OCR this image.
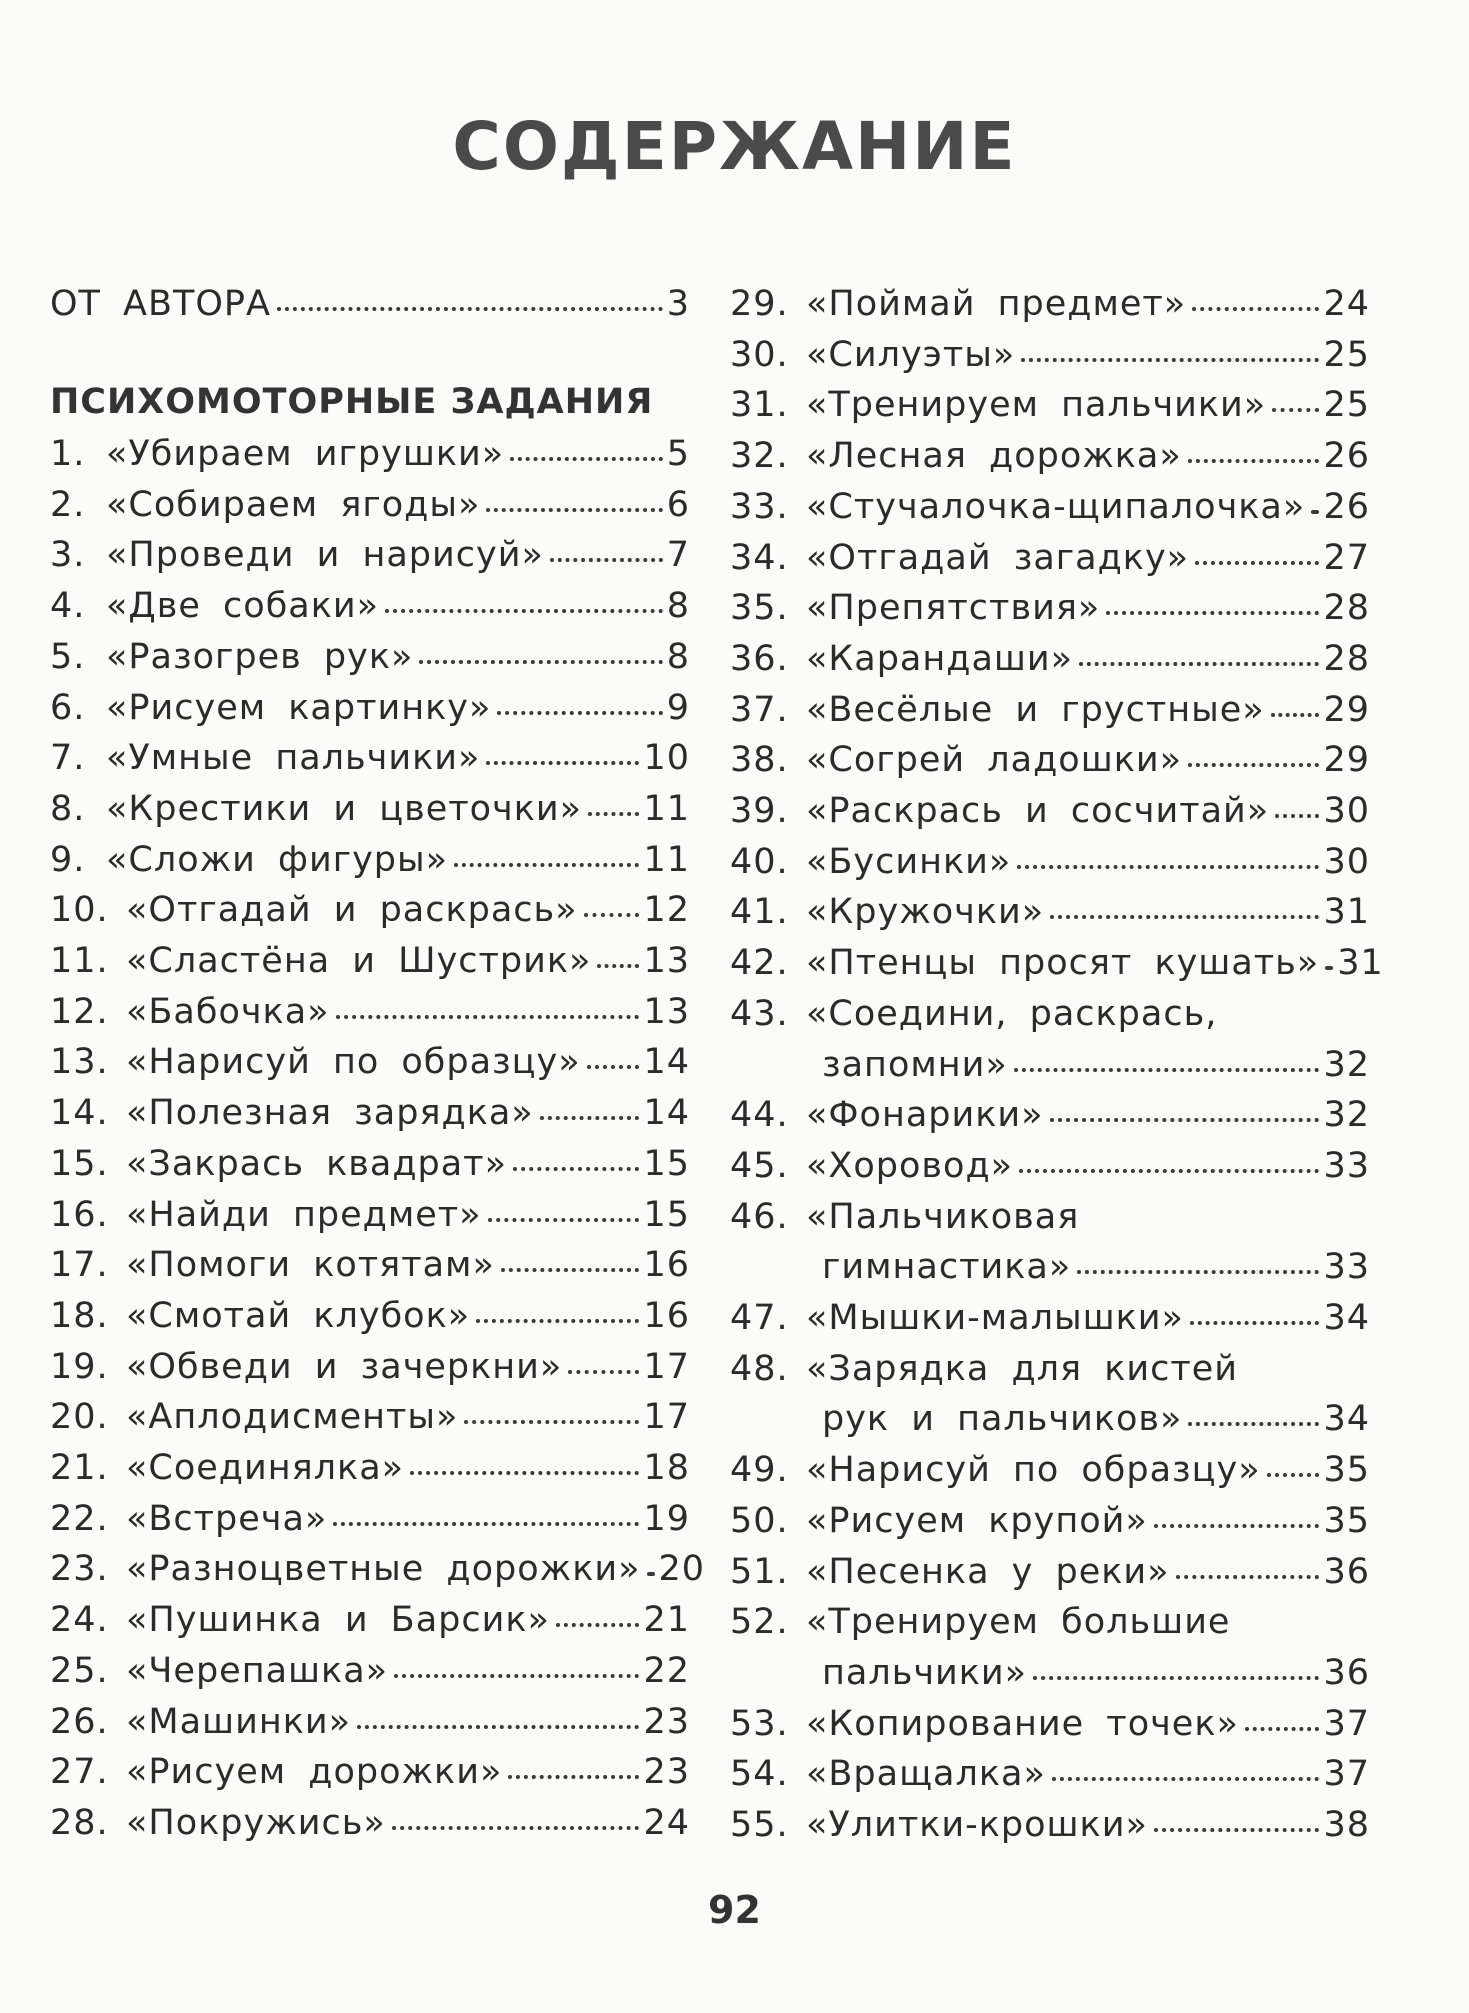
СОДЕРЖАНИЕ
ОТ АВТОРА	3
ПСИХОМОТОРНЫЕ ЗАДАНИЯ
1. «Убираем игрушки»	5
2. «Собираем ягоды»	6
3. «Проведи и нарисуй»	7
4. «Две собаки»	8
5. «Разогрев рук»	8
6. «Рисуем картинку»	9
7. «Умные пальчики»	10
8. «Крестики и цветочки» 11
9. «Сложи фигуры»	11
10. «Отгадай и раскрась» 12
11. «Сластёна и Шустрик» 13
12. «Бабочка»	13
13. «Нарисуй по образцу» 14
14. «Полезная зарядка»	14
15. «Закрась квадрат»	15
16. «Найди предмет»	15
17. «Помоги котятам»	16
18. «Смотай клубок»	16
19. «Обведи и зачеркни» 17
20. «Аплодисменты»	17
21. «Соединялка»	18
22. «Встреча»	19
23. «Разноцветные дорожки» 20
24. «Пушинка и Барсик»	21
25. «Черепашка»	22
26. «Машинки»	23
27. «Рисуем дорожки»	23
28. «Покружись»	24
29. «Поймай предмет»	24
30. «Силуэты»	25
31. «Тренируем пальчики» 25
32. «Лесная дорожка»	26
33. «Стучалочка-щипалочка» 26
34. «Отгадай загадку»	27
35. «Препятствия»	28
36. «Карандаши»	28
37. «Весёлые и грустные» 29
38. «Согрей ладошки»	29
39. «Раскрась и сосчитай» 30
40. «Бусинки»	30
41. «Кружочки»	31
42. «Птенцы просят кушать» 31
43. «Соедини, раскрась,
запомни»	32
44. «Фонарики»	32
45. «Хоровод»	33
46. «Пальчиковая
гимнастика»	33
47. «Мышки-малышки»	34
48. «Зарядка для кистей
рук и пальчиков»	34
49. «Нарисуй по образцу» 35
50. «Рисуем крупой»	35
51. «Песенка у реки»	36
52. «Тренируем большие
пальчики»	36
53. «Копирование точек» 37
54. «Вращалка»	37
55. «Улитки-крошки»	38
92
